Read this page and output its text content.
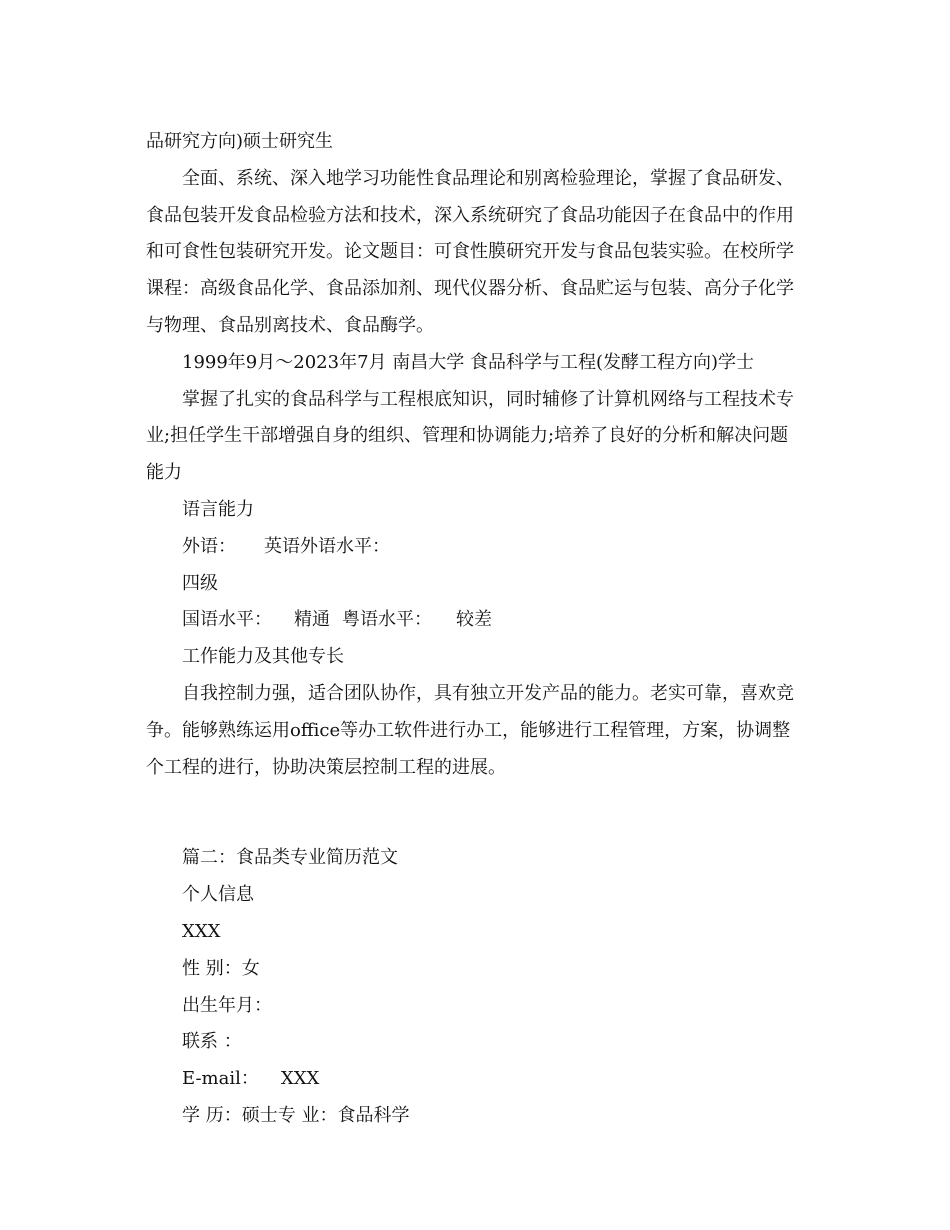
品研究方向)硕士研究生

全面、系统、深入地学习功能性食品理论和别离检验理论，掌握了食品研发、食品包装开发食品检验方法和技术，深入系统研究了食品功能因子在食品中的作用和可食性包装研究开发。论文题目：可食性膜研究开发与食品包装实验。在校所学课程：高级食品化学、食品添加剂、现代仪器分析、食品贮运与包装、高分子化学与物理、食品别离技术、食品酶学。

1999年9月～2023年7月 南昌大学 食品科学与工程(发酵工程方向)学士

掌握了扎实的食品科学与工程根底知识，同时辅修了计算机网络与工程技术专业;担任学生干部增强自身的组织、管理和协调能力;培养了良好的分析和解决问题能力

语言能力

外语： 英语外语水平：

四级

国语水平： 精通 粤语水平： 较差

工作能力及其他专长

自我控制力强，适合团队协作，具有独立开发产品的能力。老实可靠，喜欢竞争。能够熟练运用office等办工软件进行办工，能够进行工程管理，方案，协调整个工程的进行，协助决策层控制工程的进展。

篇二：食品类专业简历范文

个人信息

XXX

性 别：女

出生年月：

联系 ：

E-mail： XXX

学 历：硕士专 业：食品科学
